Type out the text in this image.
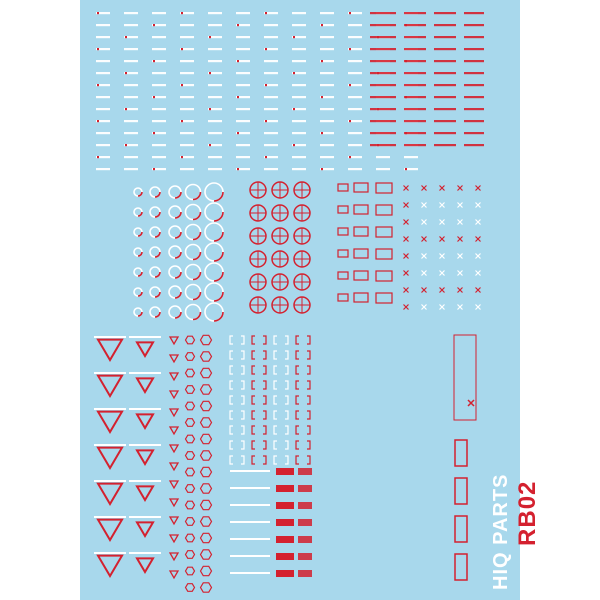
1/144RB02
HIQ PARTS
